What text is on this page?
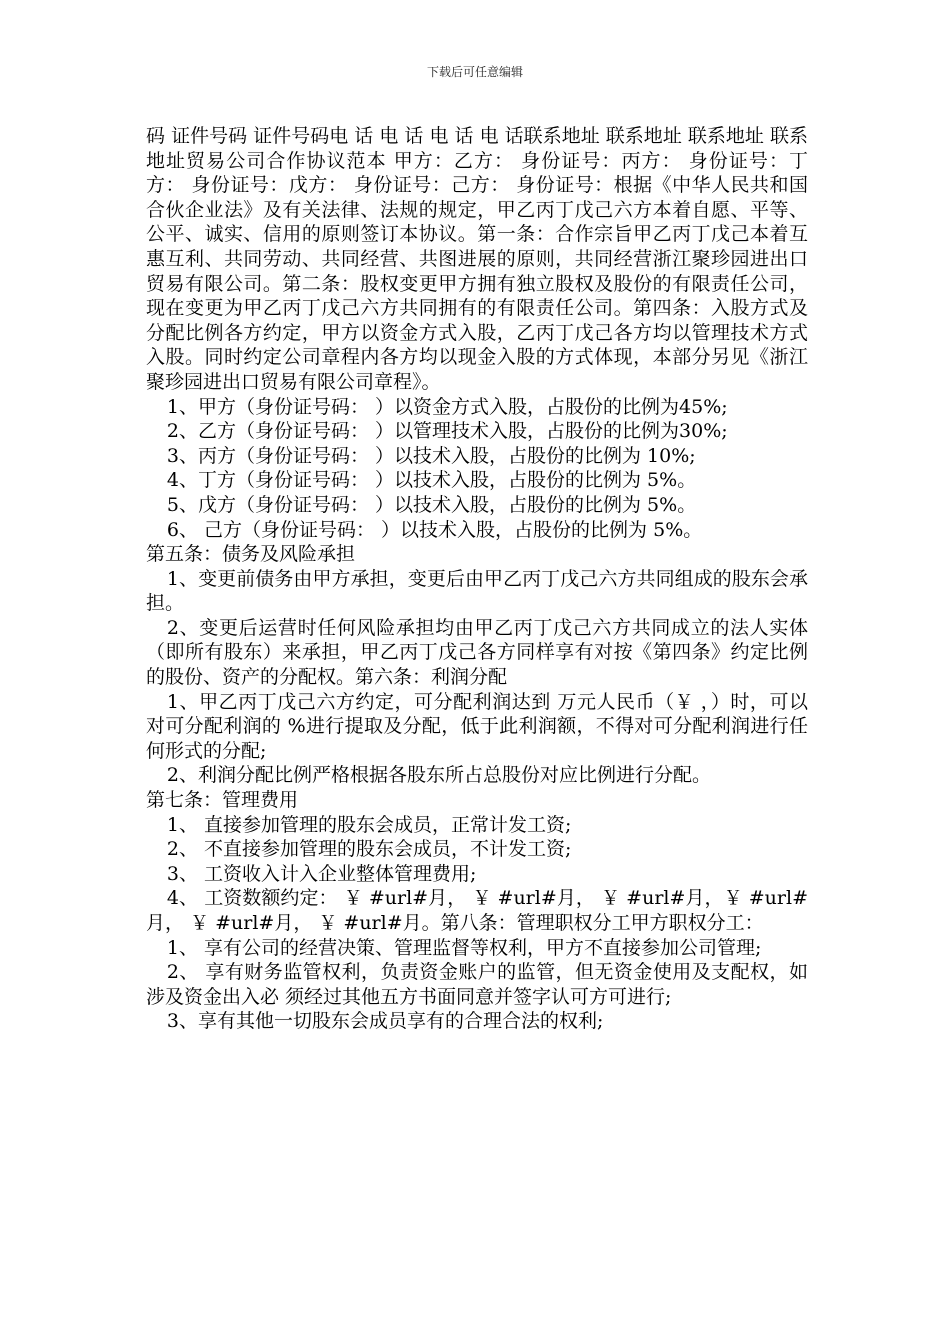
下载后可任意编辑

码 证件号码 证件号码电 话 电 话 电 话 电 话联系地址 联系地址 联系地址 联系地址贸易公司合作协议范本 甲方：乙方： 身份证号：丙方： 身份证号：丁方： 身份证号：戊方： 身份证号：己方： 身份证号：根据《中华人民共和国合伙企业法》及有关法律、法规的规定，甲乙丙丁戊己六方本着自愿、平等、公平、诚实、信用的原则签订本协议。第一条：合作宗旨甲乙丙丁戊己本着互惠互利、共同劳动、共同经营、共图进展的原则，共同经营浙江聚珍园进出口贸易有限公司。第二条：股权变更甲方拥有独立股权及股份的有限责任公司，现在变更为甲乙丙丁戊己六方共同拥有的有限责任公司。第四条：入股方式及分配比例各方约定，甲方以资金方式入股，乙丙丁戊己各方均以管理技术方式入股。同时约定公司章程内各方均以现金入股的方式体现，本部分另见《浙江聚珍园进出口贸易有限公司章程》。

1、甲方（身份证号码： ）以资金方式入股，占股份的比例为45%;

2、乙方（身份证号码： ）以管理技术入股，占股份的比例为30%;

3、丙方（身份证号码： ）以技术入股，占股份的比例为 10%;

4、丁方（身份证号码： ）以技术入股，占股份的比例为 5%。

5、戊方（身份证号码： ）以技术入股，占股份的比例为 5%。

6、 己方（身份证号码： ）以技术入股，占股份的比例为 5%。

第五条：债务及风险承担

1、变更前债务由甲方承担，变更后由甲乙丙丁戊己六方共同组成的股东会承担。

2、变更后运营时任何风险承担均由甲乙丙丁戊己六方共同成立的法人实体（即所有股东）来承担，甲乙丙丁戊己各方同样享有对按《第四条》约定比例的股份、资产的分配权。第六条：利润分配

1、甲乙丙丁戊己六方约定，可分配利润达到 万元人民币（￥ ，）时，可以对可分配利润的 %进行提取及分配，低于此利润额，不得对可分配利润进行任何形式的分配;

2、利润分配比例严格根据各股东所占总股份对应比例进行分配。

第七条：管理费用

1、 直接参加管理的股东会成员，正常计发工资;

2、 不直接参加管理的股东会成员，不计发工资;

3、 工资收入计入企业整体管理费用;

4、 工资数额约定： ￥ #url#月， ￥ #url#月， ￥ #url#月，￥ #url#月， ￥ #url#月， ￥ #url#月。第八条：管理职权分工甲方职权分工：

1、 享有公司的经营决策、管理监督等权利，甲方不直接参加公司管理;

2、 享有财务监管权利，负责资金账户的监管，但无资金使用及支配权，如涉及资金出入必 须经过其他五方书面同意并签字认可方可进行;

3、享有其他一切股东会成员享有的合理合法的权利;
